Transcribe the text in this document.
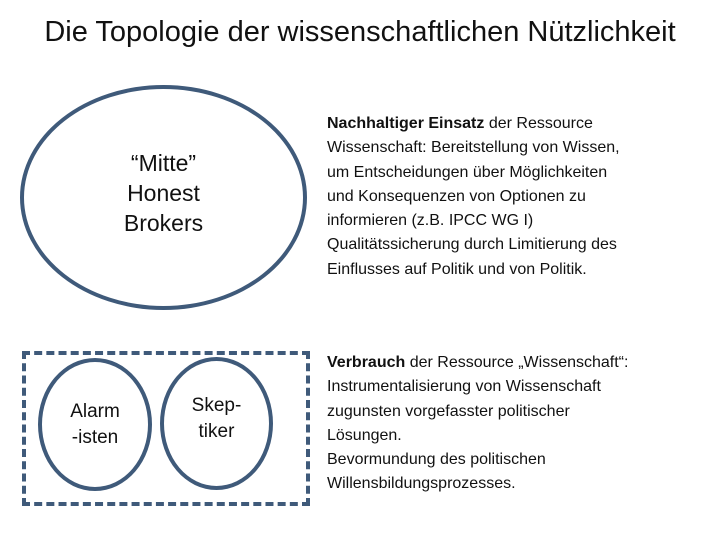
Die Topologie der wissenschaftlichen Nützlichkeit
“Mitte”
Honest
Brokers
Alarm
-isten
Skep-
tiker
Nachhaltiger Einsatz der Ressource
Wissenschaft: Bereitstellung von Wissen,
um Entscheidungen über Möglichkeiten
und Konsequenzen von Optionen zu
informieren (z.B. IPCC WG I)
Qualitätssicherung durch Limitierung des
Einflusses auf Politik und von Politik.
Verbrauch der Ressource „Wissenschaft“:
Instrumentalisierung von Wissenschaft
zugunsten vorgefasster politischer
Lösungen.
Bevormundung des politischen
Willensbildungsprozesses.
